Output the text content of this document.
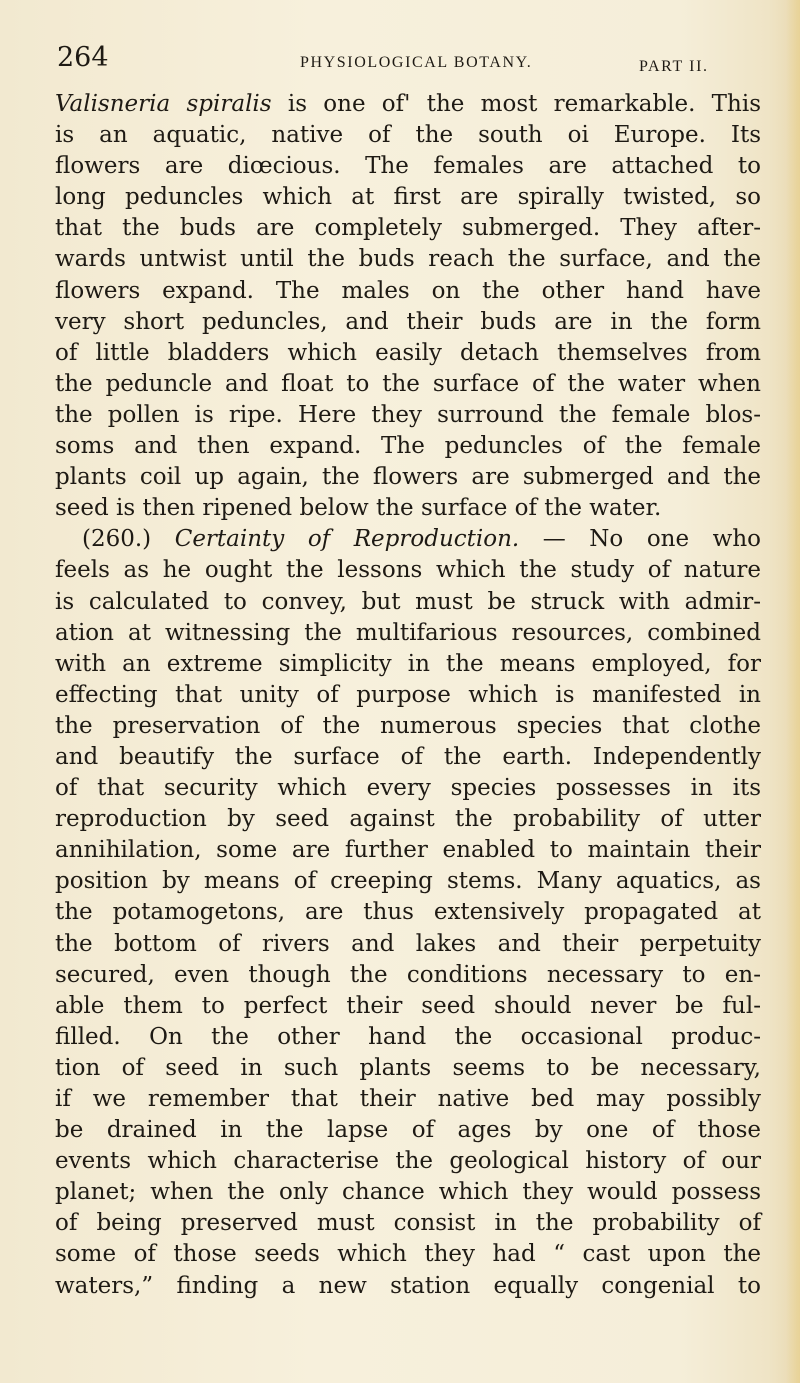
264	PHYSIOLOGICAL BOTANY.	PART II.
Valisneria spiralis is one of' the most remarkable. This
is an aquatic, native of the south oi Europe. Its
flowers are diœcious. The females are attached to
long peduncles which at first are spirally twisted, so
that the buds are completely submerged. They after-
wards untwist until the buds reach the surface, and the
flowers expand. The males on the other hand have
very short peduncles, and their buds are in the form
of little bladders which easily detach themselves from
the peduncle and float to the surface of the water when
the pollen is ripe. Here they surround the female blos-
soms and then expand. The peduncles of the female
plants coil up again, the flowers are submerged and the
seed is then ripened below the surface of the water.
(260.) Certainty of Reproduction. — No one who
feels as he ought the lessons which the study of nature
is calculated to convey, but must be struck with admir-
ation at witnessing the multifarious resources, combined
with an extreme simplicity in the means employed, for
effecting that unity of purpose which is manifested in
the preservation of the numerous species that clothe
and beautify the surface of the earth. Independently
of that security which every species possesses in its
reproduction by seed against the probability of utter
annihilation, some are further enabled to maintain their
position by means of creeping stems. Many aquatics, as
the potamogetons, are thus extensively propagated at
the bottom of rivers and lakes and their perpetuity
secured, even though the conditions necessary to en-
able them to perfect their seed should never be ful-
filled. On the other hand the occasional produc-
tion of seed in such plants seems to be necessary,
if we remember that their native bed may possibly
be drained in the lapse of ages by one of those
events which characterise the geological history of our
planet; when the only chance which they would possess
of being preserved must consist in the probability of
some of those seeds which they had “ cast upon the
waters,” finding a new station equally congenial to
